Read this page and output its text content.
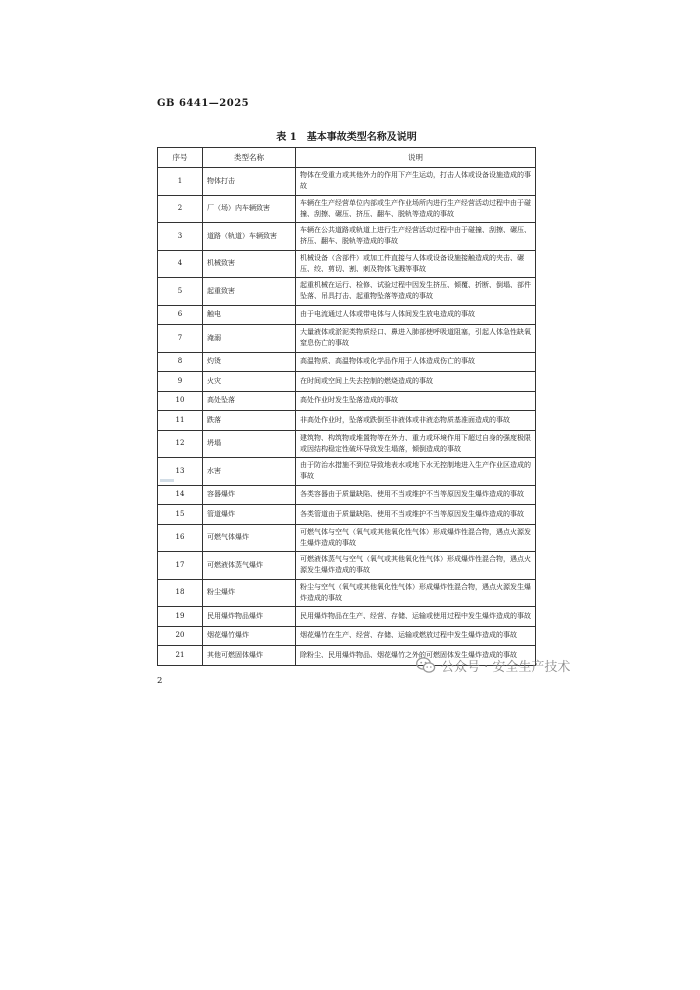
GB 6441—2025
表 1　基本事故类型名称及说明
序号	类型名称	说明
1	物体打击	物体在受重力或其他外力的作用下产生运动，打击人体或设备设施造成的事故
2	厂（场）内车辆致害	车辆在生产经营单位内部或生产作业场所内进行生产经营活动过程中由于碰撞、刮擦、碾压、挤压、翻车、脱轨等造成的事故
3	道路（轨道）车辆致害	车辆在公共道路或轨道上进行生产经营活动过程中由于碰撞、刮擦、碾压、挤压、翻车、脱轨等造成的事故
4	机械致害	机械设备（含部件）或加工件直接与人体或设备设施接触造成的夹击、碾压、绞、剪切、割、刺及物体飞溅等事故
5	起重致害	起重机械在运行、检修、试验过程中因发生挤压、倾覆、折断、倒塌、部件坠落、吊具打击、起重物坠落等造成的事故
6	触电	由于电流通过人体或带电体与人体间发生放电造成的事故
7	淹溺	大量液体或淤泥类物质经口、鼻进入肺部使呼吸道阻塞，引起人体急性缺氧窒息伤亡的事故
8	灼烫	高温物质、高温物体或化学品作用于人体造成伤亡的事故
9	火灾	在时间或空间上失去控制的燃烧造成的事故
10	高处坠落	高处作业时发生坠落造成的事故
11	跌落	非高处作业时，坠落或跌倒至非液体或非液态物质基准面造成的事故
12	坍塌	建筑物、构筑物或堆置物等在外力、重力或环境作用下超过自身的强度极限或因结构稳定性破坏导致发生塌落，倾倒造成的事故
13	水害	由于防治水措施不到位导致地表水或地下水无控制地进入生产作业区造成的事故
14	容器爆炸	各类容器由于质量缺陷、使用不当或维护不当等原因发生爆炸造成的事故
15	管道爆炸	各类管道由于质量缺陷、使用不当或维护不当等原因发生爆炸造成的事故
16	可燃气体爆炸	可燃气体与空气（氧气或其他氧化性气体）形成爆炸性混合物，遇点火源发生爆炸造成的事故
17	可燃液体蒸气爆炸	可燃液体蒸气与空气（氧气或其他氧化性气体）形成爆炸性混合物，遇点火源发生爆炸造成的事故
18	粉尘爆炸	粉尘与空气（氧气或其他氧化性气体）形成爆炸性混合物，遇点火源发生爆炸造成的事故
19	民用爆炸物品爆炸	民用爆炸物品在生产、经营、存储、运输或使用过程中发生爆炸造成的事故
20	烟花爆竹爆炸	烟花爆竹在生产、经营、存储、运输或燃放过程中发生爆炸造成的事故
21	其他可燃固体爆炸	除粉尘、民用爆炸物品、烟花爆竹之外的可燃固体发生爆炸造成的事故
公众号 · 安全生产技术
2
